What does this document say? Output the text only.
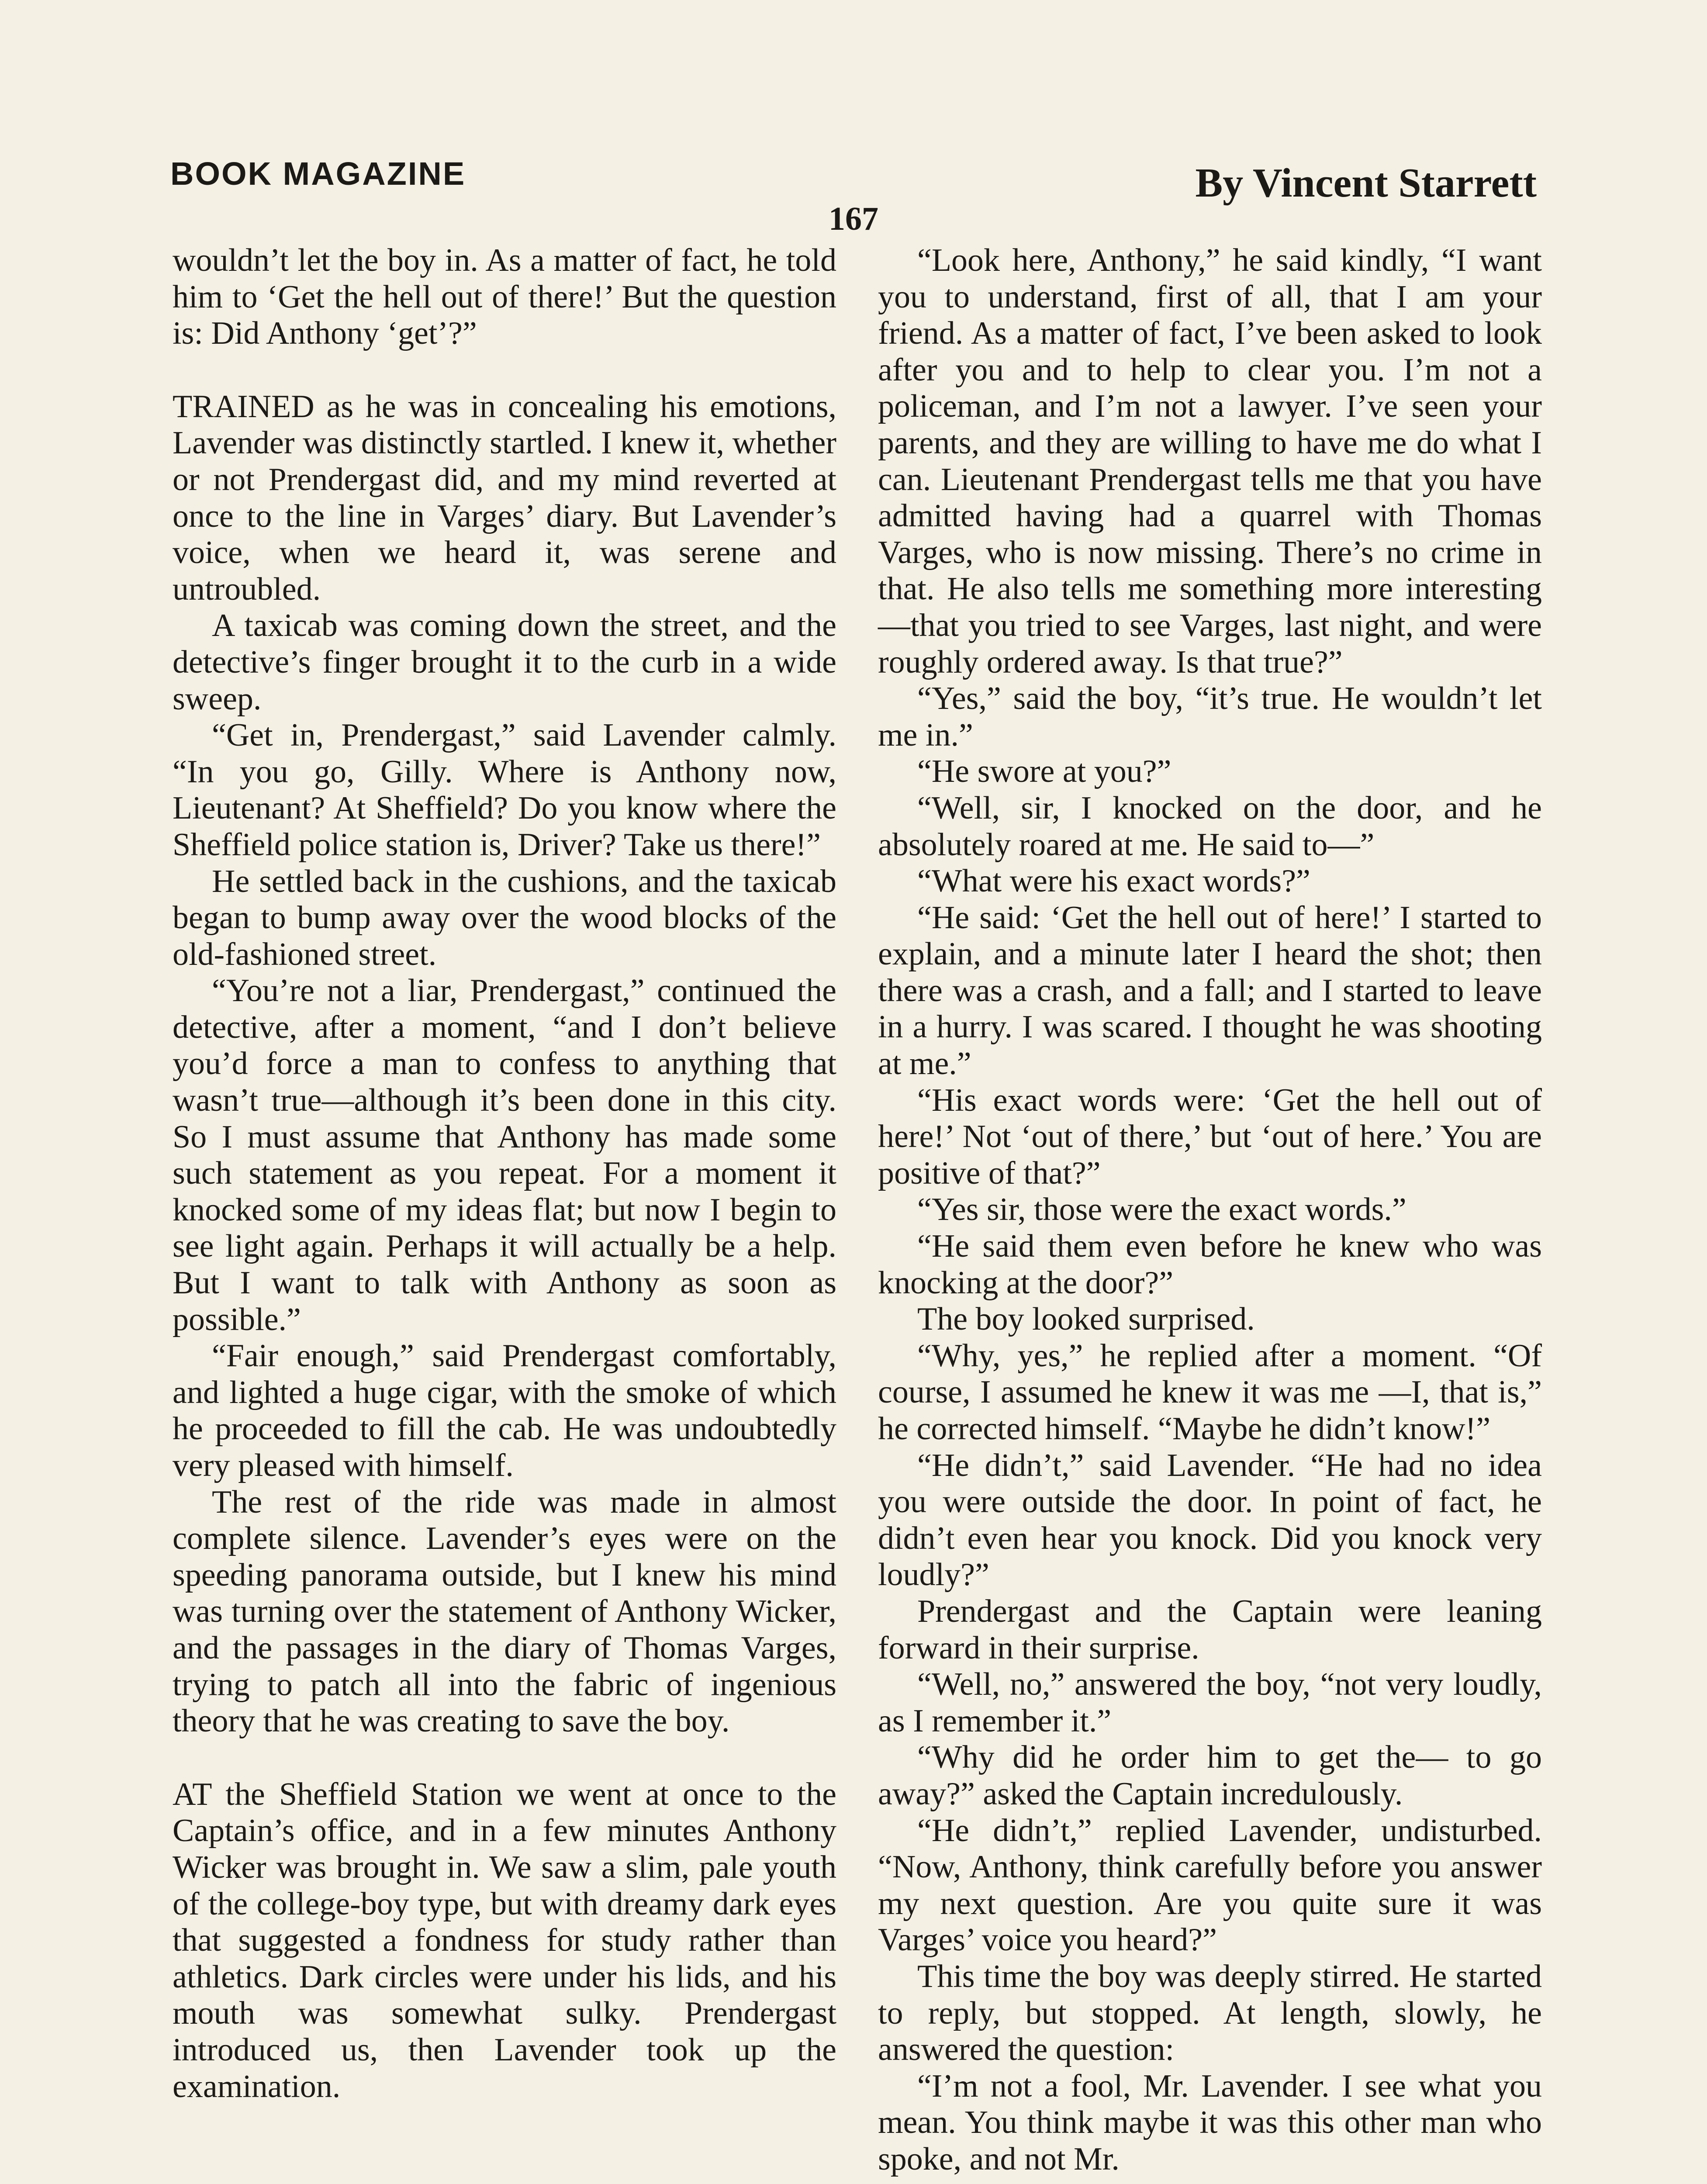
BOOK MAGAZINE	By Vincent Starrett
167

wouldn’t let the boy in. As a matter of fact, he told him to ‘Get the hell out of there!’ But the question is: Did Anthony ‘get’?”

TRAINED as he was in concealing his emotions, Lavender was distinctly startled. I knew it, whether or not Prendergast did, and my mind reverted at once to the line in Varges’ diary. But Lavender’s voice, when we heard it, was serene and untroubled.

A taxicab was coming down the street, and the detective’s finger brought it to the curb in a wide sweep.

“Get in, Prendergast,” said Lavender calmly. “In you go, Gilly. Where is Anthony now, Lieutenant? At Sheffield? Do you know where the Sheffield police station is, Driver? Take us there!”

He settled back in the cushions, and the taxicab began to bump away over the wood blocks of the old-fashioned street.

“You’re not a liar, Prendergast,” continued the detective, after a moment, “and I don’t believe you’d force a man to confess to anything that wasn’t true—although it’s been done in this city. So I must assume that Anthony has made some such statement as you repeat. For a moment it knocked some of my ideas flat; but now I begin to see light again. Perhaps it will actually be a help. But I want to talk with Anthony as soon as possible.”

“Fair enough,” said Prendergast comfortably, and lighted a huge cigar, with the smoke of which he proceeded to fill the cab. He was undoubtedly very pleased with himself.

The rest of the ride was made in almost complete silence. Lavender’s eyes were on the speeding panorama outside, but I knew his mind was turning over the statement of Anthony Wicker, and the passages in the diary of Thomas Varges, trying to patch all into the fabric of ingenious theory that he was creating to save the boy.

AT the Sheffield Station we went at once to the Captain’s office, and in a few minutes Anthony Wicker was brought in. We saw a slim, pale youth of the college-boy type, but with dreamy dark eyes that suggested a fondness for study rather than athletics. Dark circles were under his lids, and his mouth was somewhat sulky. Prendergast introduced us, then Lavender took up the examination.

“Look here, Anthony,” he said kindly, “I want you to understand, first of all, that I am your friend. As a matter of fact, I’ve been asked to look after you and to help to clear you. I’m not a policeman, and I’m not a lawyer. I’ve seen your parents, and they are willing to have me do what I can. Lieutenant Prendergast tells me that you have admitted having had a quarrel with Thomas Varges, who is now missing. There’s no crime in that. He also tells me something more interesting—that you tried to see Varges, last night, and were roughly ordered away. Is that true?”

“Yes,” said the boy, “it’s true. He wouldn’t let me in.”

“He swore at you?”

“Well, sir, I knocked on the door, and he absolutely roared at me. He said to—”

“What were his exact words?”

“He said: ‘Get the hell out of here!’ I started to explain, and a minute later I heard the shot; then there was a crash, and a fall; and I started to leave in a hurry. I was scared. I thought he was shooting at me.”

“His exact words were: ‘Get the hell out of here!’ Not ‘out of there,’ but ‘out of here.’ You are positive of that?”

“Yes sir, those were the exact words.”

“He said them even before he knew who was knocking at the door?”

The boy looked surprised.

“Why, yes,” he replied after a moment. “Of course, I assumed he knew it was me —I, that is,” he corrected himself. “Maybe he didn’t know!”

“He didn’t,” said Lavender. “He had no idea you were outside the door. In point of fact, he didn’t even hear you knock. Did you knock very loudly?”

Prendergast and the Captain were leaning forward in their surprise.

“Well, no,” answered the boy, “not very loudly, as I remember it.”

“Why did he order him to get the— to go away?” asked the Captain incredulously.

“He didn’t,” replied Lavender, undisturbed. “Now, Anthony, think carefully before you answer my next question. Are you quite sure it was Varges’ voice you heard?”

This time the boy was deeply stirred. He started to reply, but stopped. At length, slowly, he answered the question:

“I’m not a fool, Mr. Lavender. I see what you mean. You think maybe it was this other man who spoke, and not Mr.
